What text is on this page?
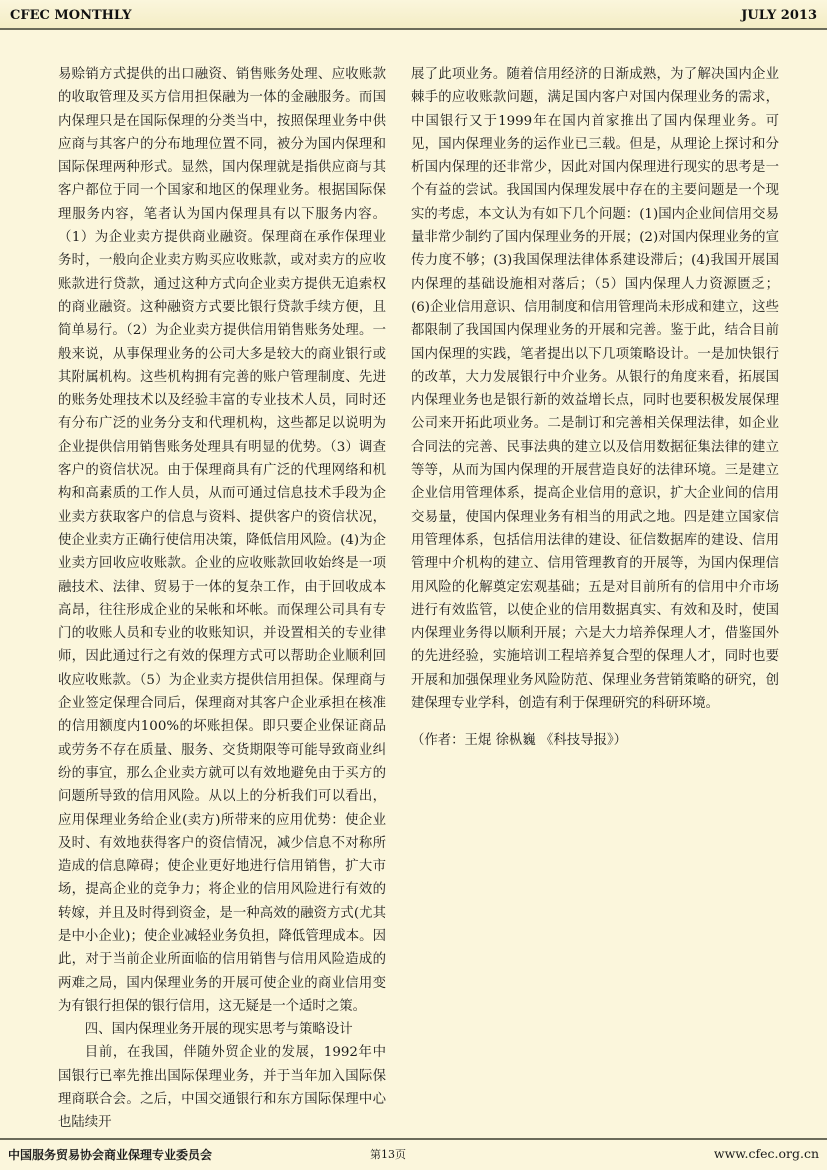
CFEC MONTHLY	JULY 2013

易赊销方式提供的出口融资、销售账务处理、应收账款的收取管理及买方信用担保融为一体的金融服务。而国内保理只是在国际保理的分类当中，按照保理业务中供应商与其客户的分布地理位置不同，被分为国内保理和国际保理两种形式。显然，国内保理就是指供应商与其客户都位于同一个国家和地区的保理业务。根据国际保理服务内容，笔者认为国内保理具有以下服务内容。（1）为企业卖方提供商业融资。保理商在承作保理业务时，一般向企业卖方购买应收账款，或对卖方的应收账款进行贷款，通过这种方式向企业卖方提供无追索权的商业融资。这种融资方式要比银行贷款手续方便，且简单易行。（2）为企业卖方提供信用销售账务处理。一般来说，从事保理业务的公司大多是较大的商业银行或其附属机构。这些机构拥有完善的账户管理制度、先进的账务处理技术以及经验丰富的专业技术人员，同时还有分布广泛的业务分支和代理机构，这些都足以说明为企业提供信用销售账务处理具有明显的优势。（3）调查客户的资信状况。由于保理商具有广泛的代理网络和机构和高素质的工作人员，从而可通过信息技术手段为企业卖方获取客户的信息与资料、提供客户的资信状况，使企业卖方正确行使信用决策，降低信用风险。(4)为企业卖方回收应收账款。企业的应收账款回收始终是一项融技术、法律、贸易于一体的复杂工作，由于回收成本高昂，往往形成企业的呆帐和坏帐。而保理公司具有专门的收账人员和专业的收账知识，并设置相关的专业律师，因此通过行之有效的保理方式可以帮助企业顺利回收应收账款。（5）为企业卖方提供信用担保。保理商与企业签定保理合同后，保理商对其客户企业承担在核准的信用额度内100%的坏账担保。即只要企业保证商品或劳务不存在质量、服务、交货期限等可能导致商业纠纷的事宜，那么企业卖方就可以有效地避免由于买方的问题所导致的信用风险。从以上的分析我们可以看出，应用保理业务给企业(卖方)所带来的应用优势：使企业及时、有效地获得客户的资信情况，减少信息不对称所造成的信息障碍；使企业更好地进行信用销售，扩大市场，提高企业的竞争力；将企业的信用风险进行有效的转嫁，并且及时得到资金，是一种高效的融资方式(尤其是中小企业)；使企业减轻业务负担，降低管理成本。因此，对于当前企业所面临的信用销售与信用风险造成的两难之局，国内保理业务的开展可使企业的商业信用变为有银行担保的银行信用，这无疑是一个适时之策。

四、国内保理业务开展的现实思考与策略设计

目前，在我国，伴随外贸企业的发展，1992年中国银行已率先推出国际保理业务，并于当年加入国际保理商联合会。之后，中国交通银行和东方国际保理中心也陆续开

展了此项业务。随着信用经济的日渐成熟，为了解决国内企业棘手的应收账款问题，满足国内客户对国内保理业务的需求，中国银行又于1999年在国内首家推出了国内保理业务。可见，国内保理业务的运作业已三载。但是，从理论上探讨和分析国内保理的还非常少，因此对国内保理进行现实的思考是一个有益的尝试。我国国内保理发展中存在的主要问题是一个现实的考虑，本文认为有如下几个问题：(1)国内企业间信用交易量非常少制约了国内保理业务的开展；(2)对国内保理业务的宣传力度不够；(3)我国保理法律体系建设滞后；(4)我国开展国内保理的基础设施相对落后；（5）国内保理人力资源匮乏；(6)企业信用意识、信用制度和信用管理尚未形成和建立，这些都限制了我国国内保理业务的开展和完善。鉴于此，结合目前国内保理的实践，笔者提出以下几项策略设计。一是加快银行的改革，大力发展银行中介业务。从银行的角度来看，拓展国内保理业务也是银行新的效益增长点，同时也要积极发展保理公司来开拓此项业务。二是制订和完善相关保理法律，如企业合同法的完善、民事法典的建立以及信用数据征集法律的建立等等，从而为国内保理的开展营造良好的法律环境。三是建立企业信用管理体系，提高企业信用的意识，扩大企业间的信用交易量，使国内保理业务有相当的用武之地。四是建立国家信用管理体系，包括信用法律的建设、征信数据库的建设、信用管理中介机构的建立、信用管理教育的开展等，为国内保理信用风险的化解奠定宏观基础；五是对目前所有的信用中介市场进行有效监管，以使企业的信用数据真实、有效和及时，使国内保理业务得以顺利开展；六是大力培养保理人才，借鉴国外的先进经验，实施培训工程培养复合型的保理人才，同时也要开展和加强保理业务风险防范、保理业务营销策略的研究，创建保理专业学科，创造有利于保理研究的科研环境。

（作者：王焜 徐枞巍 《科技导报》）

中国服务贸易协会商业保理专业委员会	第13页	www.cfec.org.cn
